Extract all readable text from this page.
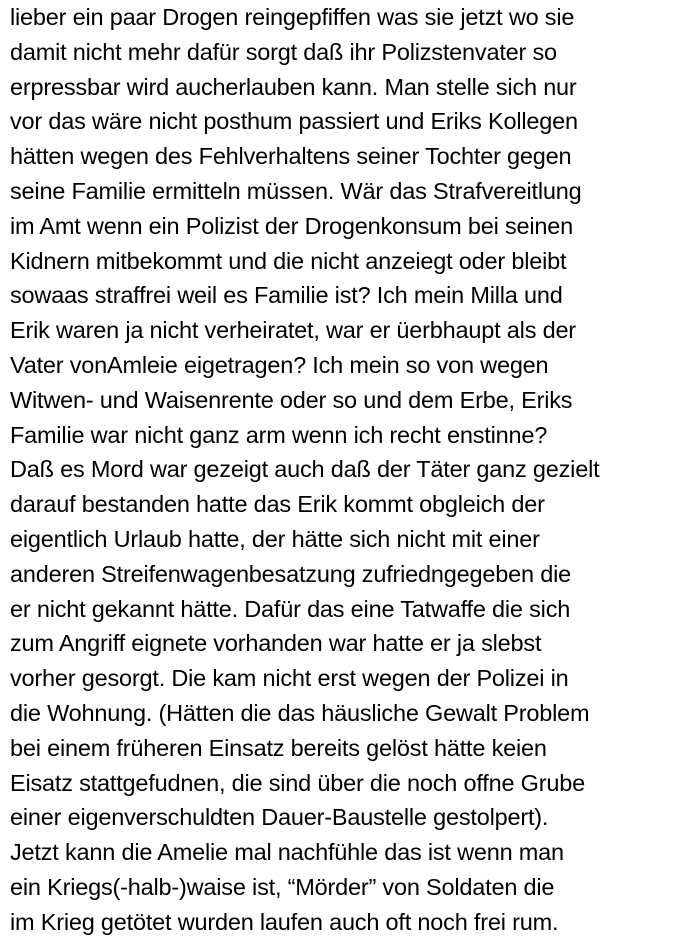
lieber ein paar Drogen reingepfiffen was sie jetzt wo sie
damit nicht mehr dafür sorgt daß ihr Polizstenvater so
erpressbar wird aucherlauben kann. Man stelle sich nur
vor das wäre nicht posthum passiert und Eriks Kollegen
hätten wegen des Fehlverhaltens seiner Tochter gegen
seine Familie ermitteln müssen. Wär das Strafvereitlung
im Amt wenn ein Polizist der Drogenkonsum bei seinen
Kidnern mitbekommt und die nicht anzeiegt oder bleibt
sowaas straffrei weil es Familie ist? Ich mein Milla und
Erik waren ja nicht verheiratet, war er üerbhaupt als der
Vater vonAmleie eigetragen? Ich mein so von wegen
Witwen- und Waisenrente oder so und dem Erbe, Eriks
Familie war nicht ganz arm wenn ich recht enstinne?
Daß es Mord war gezeigt auch daß der Täter ganz gezielt
darauf bestanden hatte das Erik kommt obgleich der
eigentlich Urlaub hatte, der hätte sich nicht mit einer
anderen Streifenwagenbesatzung zufriedngegeben die
er nicht gekannt hätte. Dafür das eine Tatwaffe die sich
zum Angriff eignete vorhanden war hatte er ja slebst
vorher gesorgt. Die kam nicht erst wegen der Polizei in
die Wohnung. (Hätten die das häusliche Gewalt Problem
bei einem früheren Einsatz bereits gelöst hätte keien
Eisatz stattgefudnen, die sind über die noch offne Grube
einer eigenverschuldten Dauer-Baustelle gestolpert).
Jetzt kann die Amelie mal nachfühle das ist wenn man
ein Kriegs(-halb-)waise ist, “Mörder” von Soldaten die
im Krieg getötet wurden laufen auch oft noch frei rum.
